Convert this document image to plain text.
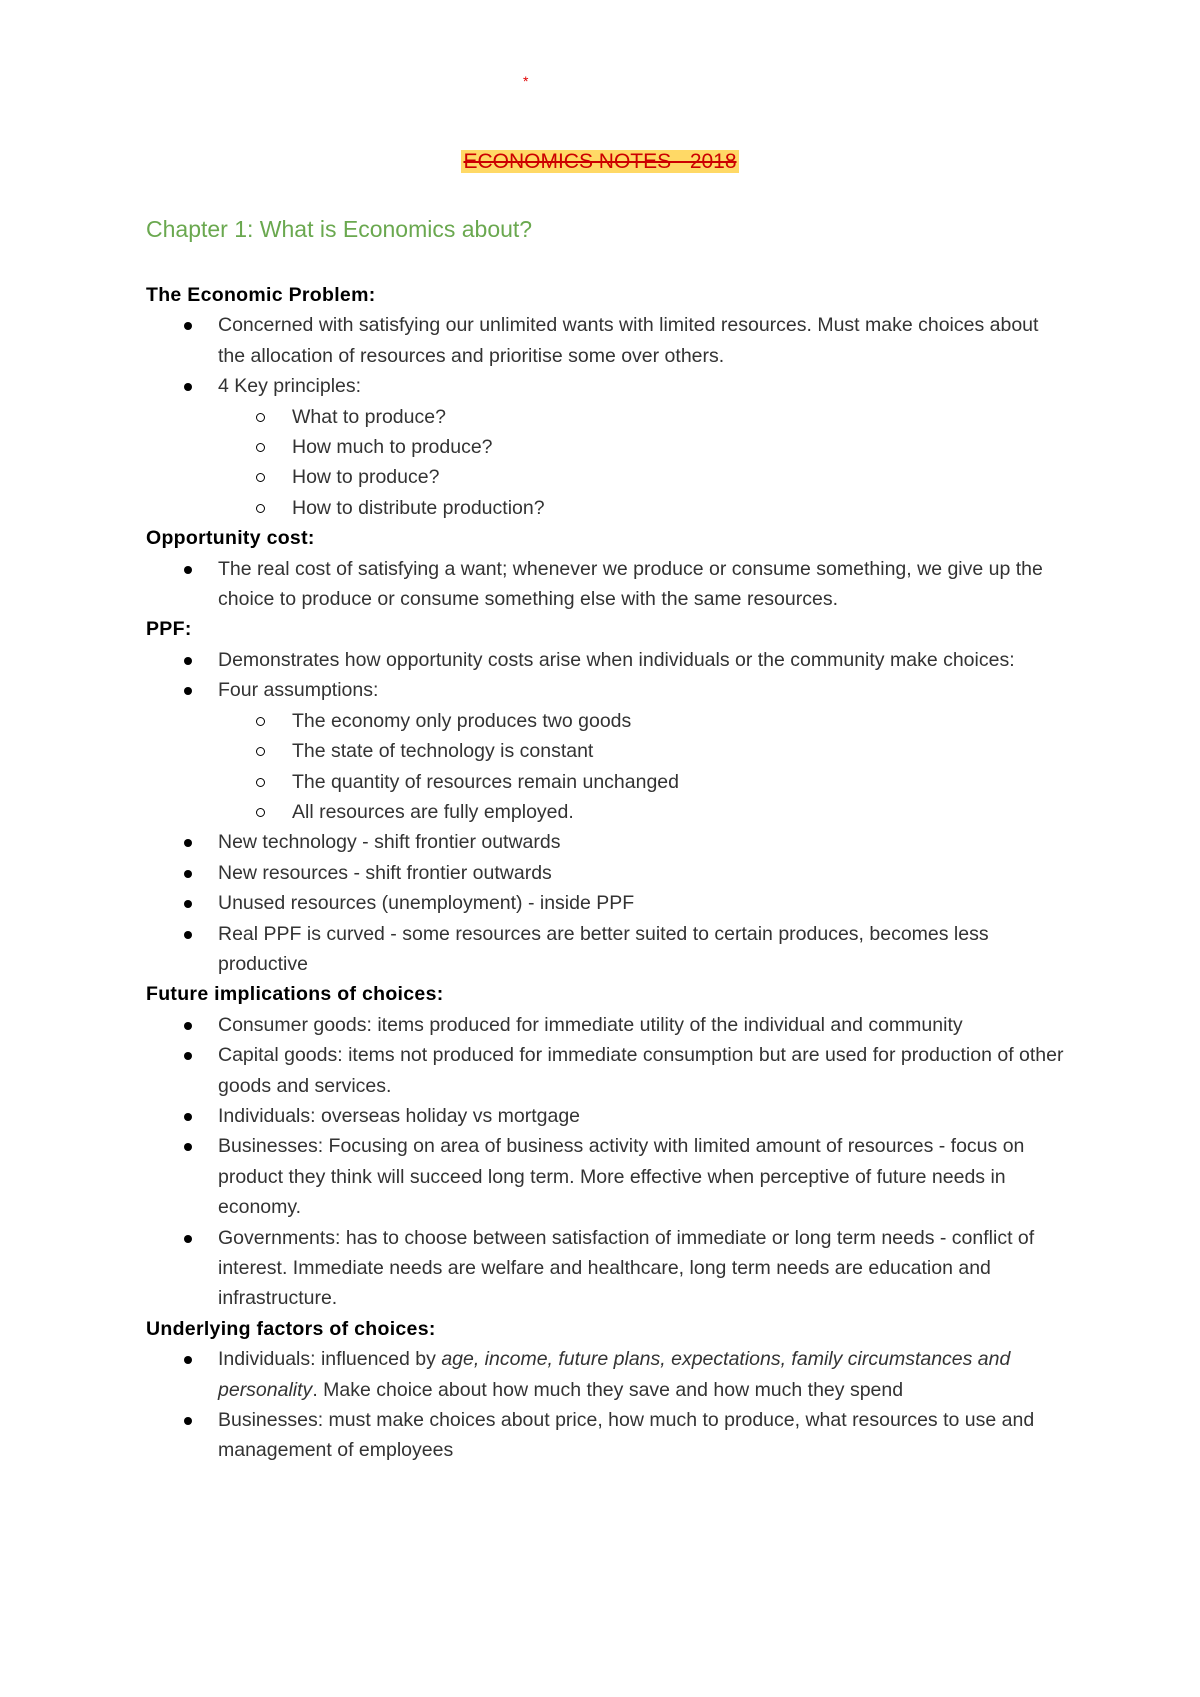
*
ECONOMICS NOTES - 2018
Chapter 1: What is Economics about?
The Economic Problem:
Concerned with satisfying our unlimited wants with limited resources. Must make choices about the allocation of resources and prioritise some over others.
4 Key principles:
What to produce?
How much to produce?
How to produce?
How to distribute production?
Opportunity cost:
The real cost of satisfying a want; whenever we produce or consume something, we give up the choice to produce or consume something else with the same resources.
PPF:
Demonstrates how opportunity costs arise when individuals or the community make choices:
Four assumptions:
The economy only produces two goods
The state of technology is constant
The quantity of resources remain unchanged
All resources are fully employed.
New technology - shift frontier outwards
New resources - shift frontier outwards
Unused resources (unemployment) - inside PPF
Real PPF is curved - some resources are better suited to certain produces, becomes less productive
Future implications of choices:
Consumer goods: items produced for immediate utility of the individual and community
Capital goods: items not produced for immediate consumption but are used for production of other goods and services.
Individuals: overseas holiday vs mortgage
Businesses: Focusing on area of business activity with limited amount of resources - focus on product they think will succeed long term. More effective when perceptive of future needs in economy.
Governments: has to choose between satisfaction of immediate or long term needs - conflict of interest. Immediate needs are welfare and healthcare, long term needs are education and infrastructure.
Underlying factors of choices:
Individuals: influenced by age, income, future plans, expectations, family circumstances and personality. Make choice about how much they save and how much they spend
Businesses: must make choices about price, how much to produce, what resources to use and management of employees
